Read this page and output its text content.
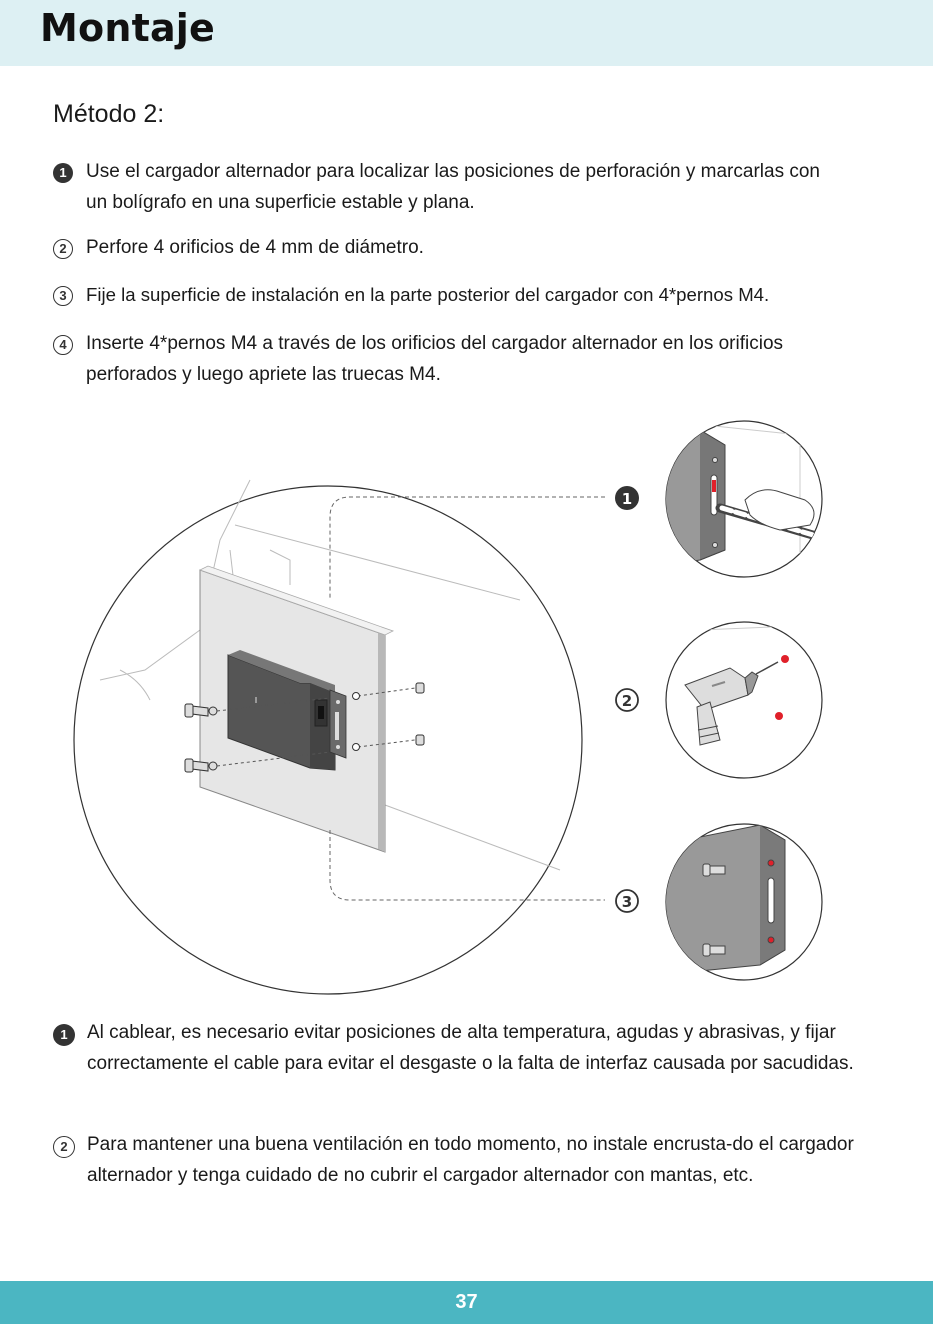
Montaje
Método 2:
1	Use el cargador alternador para localizar las posiciones de perforación y marcarlas con un bolígrafo en una superficie estable y plana.
2	Perfore 4 orificios de 4 mm de diámetro.
3	Fije la superficie de instalación en la parte posterior del cargador con 4*pernos M4.
4	Inserte 4*pernos M4 a través de los orificios del cargador alternador en los orificios perforados y luego apriete las truecas M4.
1
2
3
1	Al cablear, es necesario evitar posiciones de alta temperatura, agudas y abrasivas, y fijar correctamente el cable para evitar el desgaste o la falta de interfaz causada por sacudidas.
2	Para mantener una buena ventilación en todo momento, no instale encrusta-do el cargador alternador y tenga cuidado de no cubrir el cargador alternador con mantas, etc.
37
